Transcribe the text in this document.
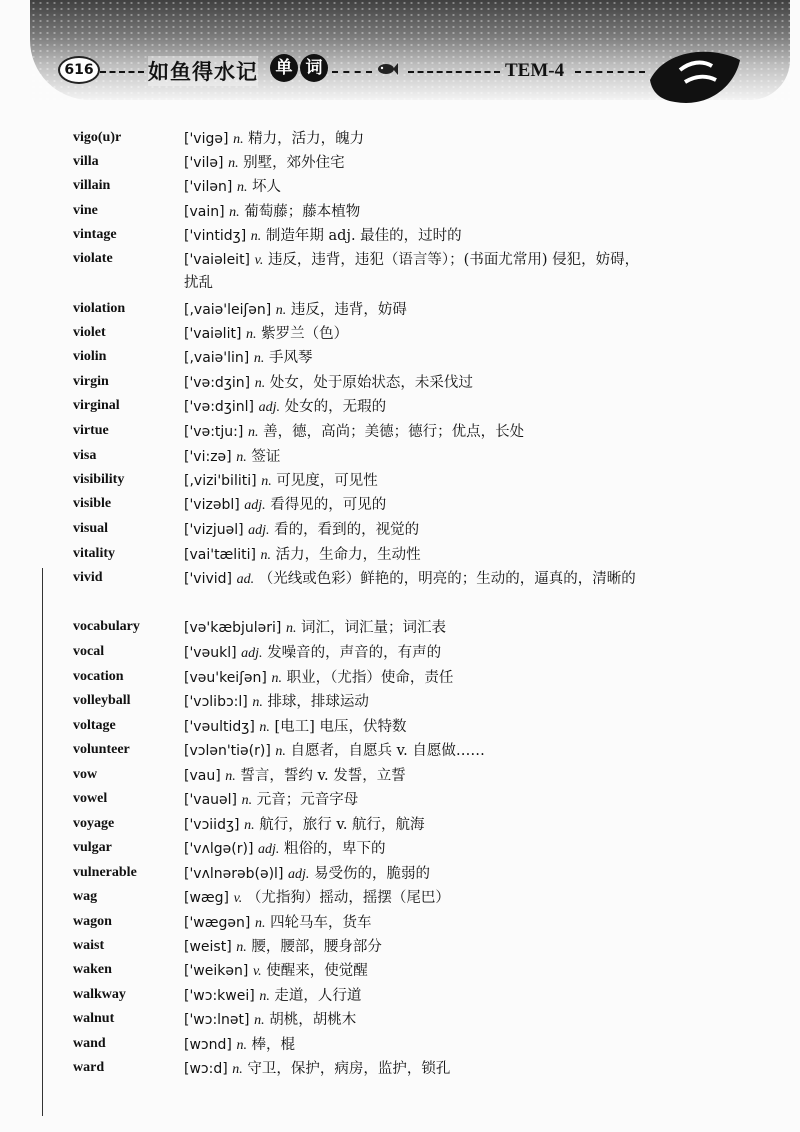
616	如鱼得水记	单 词	TEM-4
vigo(u)r	['vigə] n. 精力，活力，魄力
villa	['vilə] n. 别墅，郊外住宅
villain	['vilən] n. 坏人
vine	[vain] n. 葡萄藤；藤本植物
vintage	['vintidʒ] n. 制造年期 adj. 最佳的，过时的
violate	['vaiəleit] v. 违反，违背，违犯（语言等）；(书面尤常用) 侵犯，妨碍，扰乱
violation	[,vaiə'leiʃən] n. 违反，违背，妨碍
violet	['vaiəlit] n. 紫罗兰（色）
violin	[,vaiə'lin] n. 手风琴
virgin	['və:dʒin] n. 处女，处于原始状态，未采伐过
virginal	['və:dʒinl] adj. 处女的，无瑕的
virtue	['və:tju:] n. 善，德，高尚；美德；德行；优点，长处
visa	['vi:zə] n. 签证
visibility	[,vizi'biliti] n. 可见度，可见性
visible	['vizəbl] adj. 看得见的，可见的
visual	['vizjuəl] adj. 看的，看到的，视觉的
vitality	[vai'tæliti] n. 活力，生命力，生动性
vivid	['vivid] ad. （光线或色彩）鲜艳的，明亮的；生动的，逼真的，清晰的
vocabulary	[və'kæbjuləri] n. 词汇，词汇量；词汇表
vocal	['vəukl] adj. 发噪音的，声音的，有声的
vocation	[vəu'keiʃən] n. 职业，（尤指）使命，责任
volleyball	['vɔlibɔ:l] n. 排球，排球运动
voltage	['vəultidʒ] n. [电工] 电压，伏特数
volunteer	[vɔlən'tiə(r)] n. 自愿者，自愿兵 v. 自愿做……
vow	[vau] n. 誓言，誓约 v. 发誓，立誓
vowel	['vauəl] n. 元音；元音字母
voyage	['vɔiidʒ] n. 航行，旅行 v. 航行，航海
vulgar	['vʌlgə(r)] adj. 粗俗的，卑下的
vulnerable	['vʌlnərəb(ə)l] adj. 易受伤的，脆弱的
wag	[wæg] v. （尤指狗）摇动，摇摆（尾巴）
wagon	['wægən] n. 四轮马车，货车
waist	[weist] n. 腰，腰部，腰身部分
waken	['weikən] v. 使醒来，使觉醒
walkway	['wɔ:kwei] n. 走道，人行道
walnut	['wɔ:lnət] n. 胡桃，胡桃木
wand	[wɔnd] n. 棒，棍
ward	[wɔ:d] n. 守卫，保护，病房，监护，锁孔
